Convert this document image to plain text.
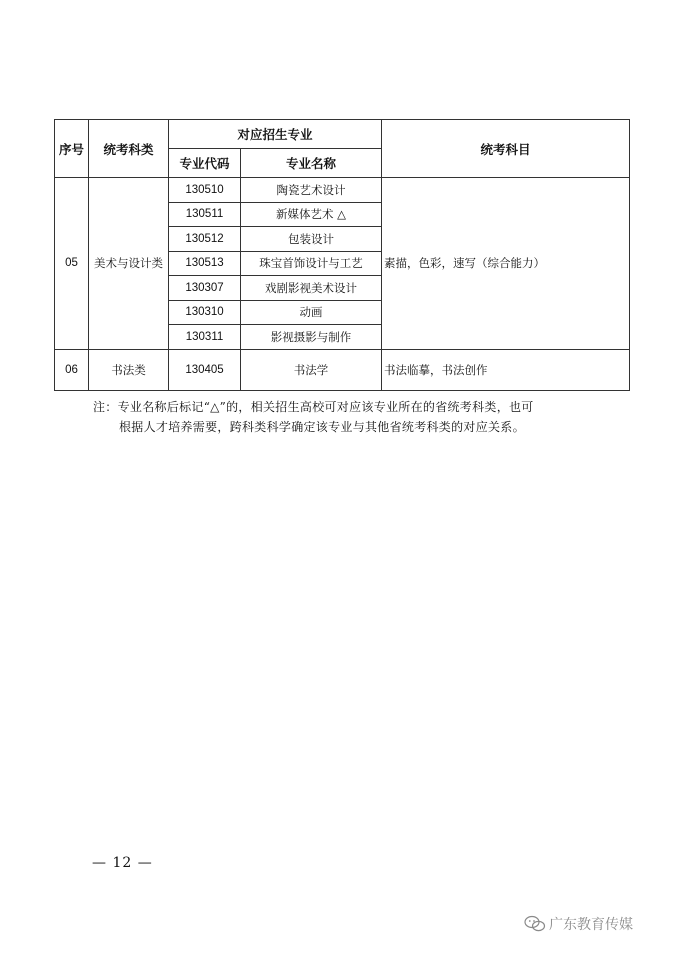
序号	统考科类	对应招生专业		统考科目
		专业代码	专业名称	
05	美术与设计类	130510	陶瓷艺术设计	素描，色彩，速写（综合能力）
		130511	新媒体艺术 △	
		130512	包装设计	
		130513	珠宝首饰设计与工艺	
		130307	戏剧影视美术设计	
		130310	动画	
		130311	影视摄影与制作	
06	书法类	130405	书法学	书法临摹，书法创作
注：专业名称后标记“△”的，相关招生高校可对应该专业所在的省统考科类，也可
根据人才培养需要，跨科类科学确定该专业与其他省统考科类的对应关系。
— 12 —
广东教育传媒
